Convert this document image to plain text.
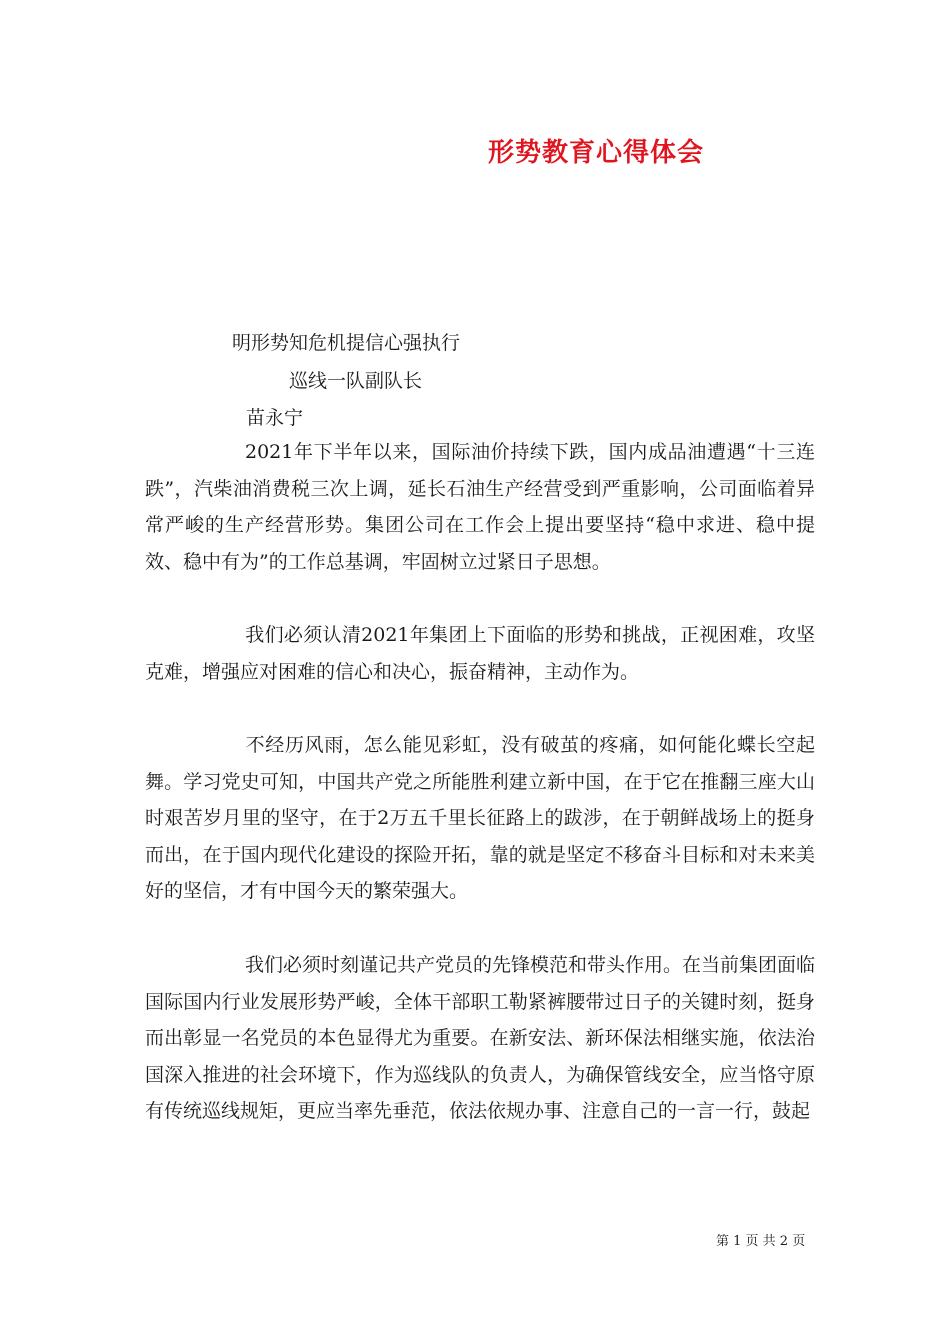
形势教育心得体会
明形势知危机提信心强执行
巡线一队副队长
苗永宁

2021年下半年以来，国际油价持续下跌，国内成品油遭遇“十三连跌”，汽柴油消费税三次上调，延长石油生产经营受到严重影响，公司面临着异常严峻的生产经营形势。集团公司在工作会上提出要坚持“稳中求进、稳中提效、稳中有为”的工作总基调，牢固树立过紧日子思想。

我们必须认清2021年集团上下面临的形势和挑战，正视困难，攻坚克难，增强应对困难的信心和决心，振奋精神，主动作为。

不经历风雨，怎么能见彩虹，没有破茧的疼痛，如何能化蝶长空起舞。学习党史可知，中国共产党之所能胜利建立新中国，在于它在推翻三座大山时艰苦岁月里的坚守，在于2万五千里长征路上的跋涉，在于朝鲜战场上的挺身而出，在于国内现代化建设的探险开拓，靠的就是坚定不移奋斗目标和对未来美好的坚信，才有中国今天的繁荣强大。

我们必须时刻谨记共产党员的先锋模范和带头作用。在当前集团面临国际国内行业发展形势严峻，全体干部职工勒紧裤腰带过日子的关键时刻，挺身而出彰显一名党员的本色显得尤为重要。在新安法、新环保法相继实施，依法治国深入推进的社会环境下，作为巡线队的负责人，为确保管线安全，应当恪守原有传统巡线规矩，更应当率先垂范，依法依规办事、注意自己的一言一行，鼓起

第 1 页 共 2 页
